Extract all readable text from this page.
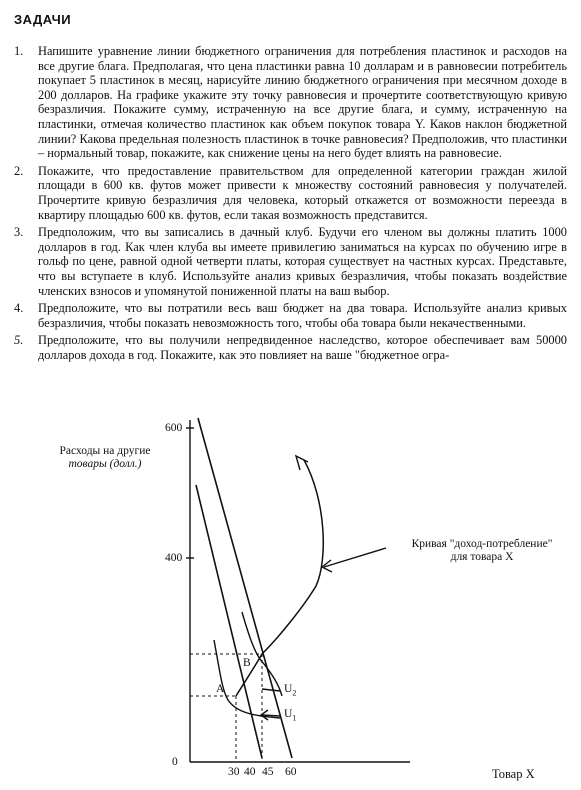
ЗАДАЧИ
1.	Напишите уравнение линии бюджетного ограничения для потребления пластинок и расходов на все другие блага. Предполагая, что цена пластинки равна 10 долларам и в равновесии потребитель покупает 5 пластинок в месяц, нарисуйте линию бюджетного ограничения при месячном доходе в 200 долларов. На графике укажите эту точку равновесия и прочертите соответствующую кривую безразличия. Покажите сумму, истраченную на все другие блага, и сумму, истраченную на пластинки, отмечая количество пластинок как объем покупок товара Y. Каков наклон бюджетной линии? Какова предельная полезность пластинок в точке равновесия? Предположив, что пластинки – нормальный товар, покажите, как снижение цены на него будет влиять на равновесие.
2.	Покажите, что предоставление правительством для определенной категории граждан жилой площади в 600 кв. футов может привести к множеству состояний равновесия у получателей. Прочертите кривую безразличия для человека, который откажется от возможности переезда в квартиру площадью 600 кв. футов, если такая возможность представится.
3.	Предположим, что вы записались в дачный клуб. Будучи его членом вы должны платить 1000 долларов в год. Как член клуба вы имеете привилегию заниматься на курсах по обучению игре в гольф по цене, равной одной четверти платы, которая существует на частных курсах. Представьте, что вы вступаете в клуб. Используйте анализ кривых безразличия, чтобы показать воздействие членских взносов и упомянутой пониженной платы на ваш выбор.
4.	Предположите, что вы потратили весь ваш бюджет на два товара. Используйте анализ кривых безразличия, чтобы показать невозможность того, чтобы оба товара были некачественными.
5.	Предположите, что вы получили непредвиденное наследство, которое обеспечивает вам 50000 долларов дохода в год. Покажите, как это повлияет на ваше "бюджетное огра-
Расходы на другие
товары (долл.)
600
400
0
30 40 45 60	Товар X
A
B
$U_2$
$U_1$
Кривая "доход-потребление"
для товара X
